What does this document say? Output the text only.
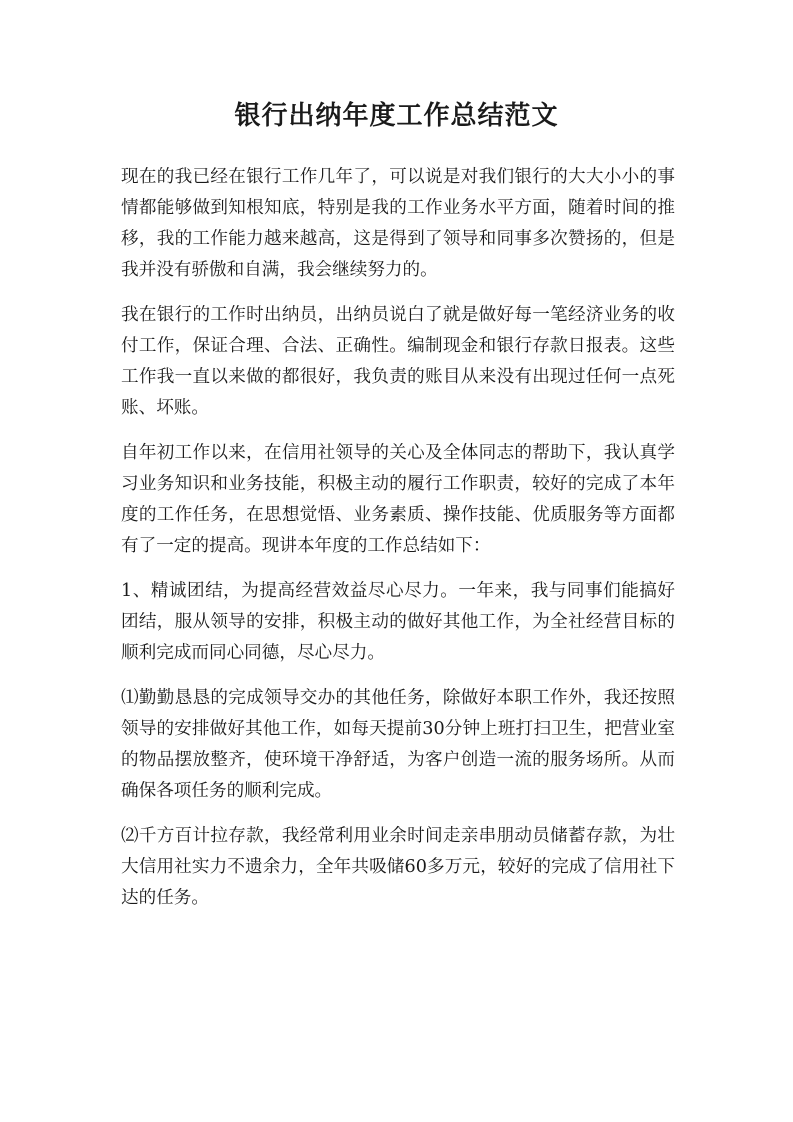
银行出纳年度工作总结范文

现在的我已经在银行工作几年了，可以说是对我们银行的大大小小的事情都能够做到知根知底，特别是我的工作业务水平方面，随着时间的推移，我的工作能力越来越高，这是得到了领导和同事多次赞扬的，但是我并没有骄傲和自满，我会继续努力的。

我在银行的工作时出纳员，出纳员说白了就是做好每一笔经济业务的收付工作，保证合理、合法、正确性。编制现金和银行存款日报表。这些工作我一直以来做的都很好，我负责的账目从来没有出现过任何一点死账、坏账。

自年初工作以来，在信用社领导的关心及全体同志的帮助下，我认真学习业务知识和业务技能，积极主动的履行工作职责，较好的完成了本年度的工作任务，在思想觉悟、业务素质、操作技能、优质服务等方面都有了一定的提高。现讲本年度的工作总结如下：

1、精诚团结，为提高经营效益尽心尽力。一年来，我与同事们能搞好团结，服从领导的安排，积极主动的做好其他工作，为全社经营目标的顺利完成而同心同德，尽心尽力。

⑴勤勤恳恳的完成领导交办的其他任务，除做好本职工作外，我还按照领导的安排做好其他工作，如每天提前30分钟上班打扫卫生，把营业室的物品摆放整齐，使环境干净舒适，为客户创造一流的服务场所。从而确保各项任务的顺利完成。

⑵千方百计拉存款，我经常利用业余时间走亲串朋动员储蓄存款，为壮大信用社实力不遗余力，全年共吸储60多万元，较好的完成了信用社下达的任务。
